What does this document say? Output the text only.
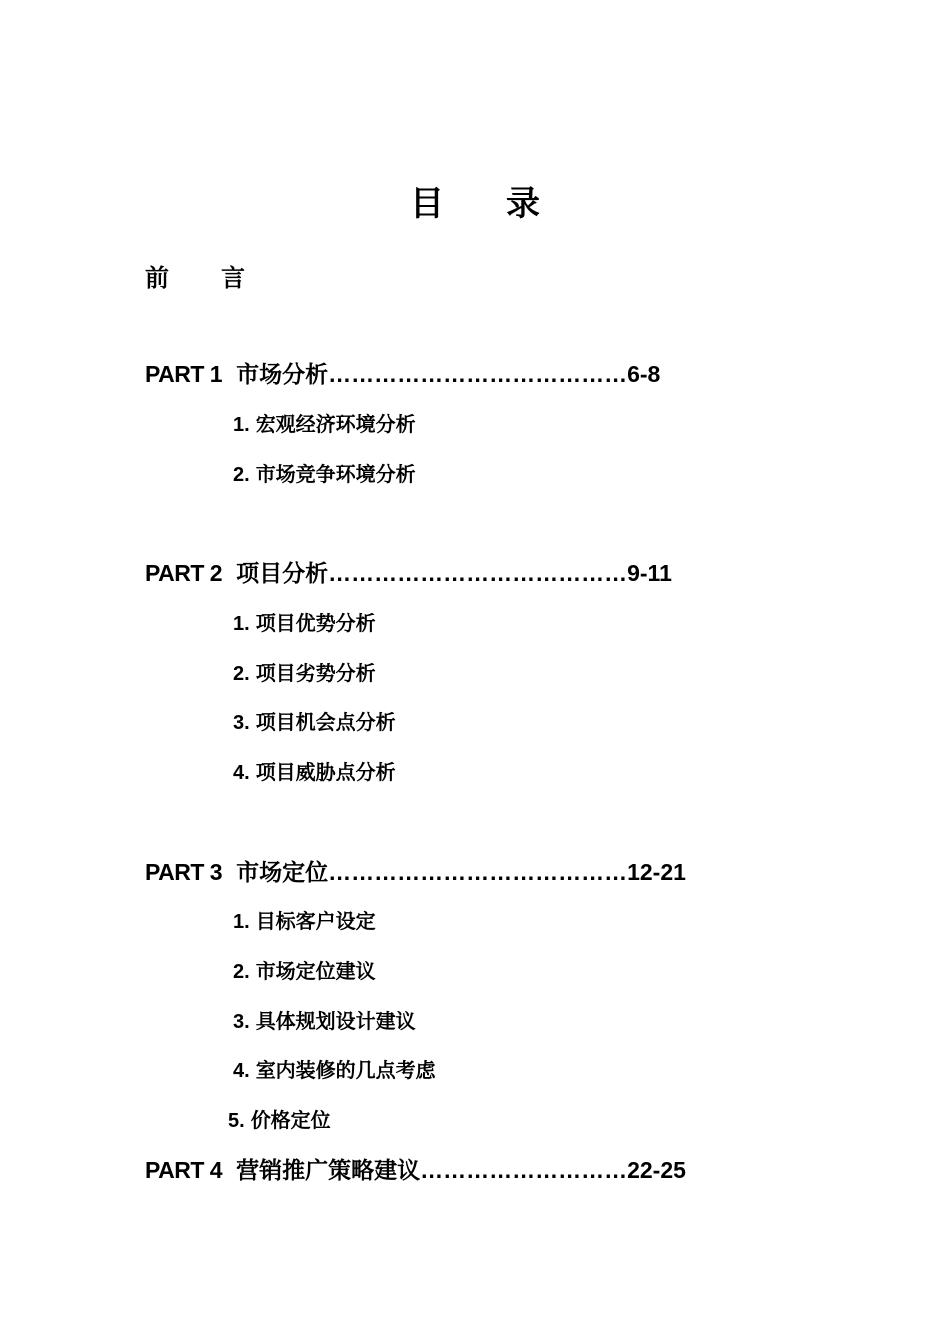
目 录
前 言
PART 1 市场分析…………………………………6-8
1. 宏观经济环境分析
2. 市场竞争环境分析
PART 2 项目分析…………………………………9-11
1. 项目优势分析
2. 项目劣势分析
3. 项目机会点分析
4. 项目威胁点分析
PART 3 市场定位…………………………………12-21
1. 目标客户设定
2. 市场定位建议
3. 具体规划设计建议
4. 室内装修的几点考虑
5. 价格定位
PART 4 营销推广策略建议………………………22-25
